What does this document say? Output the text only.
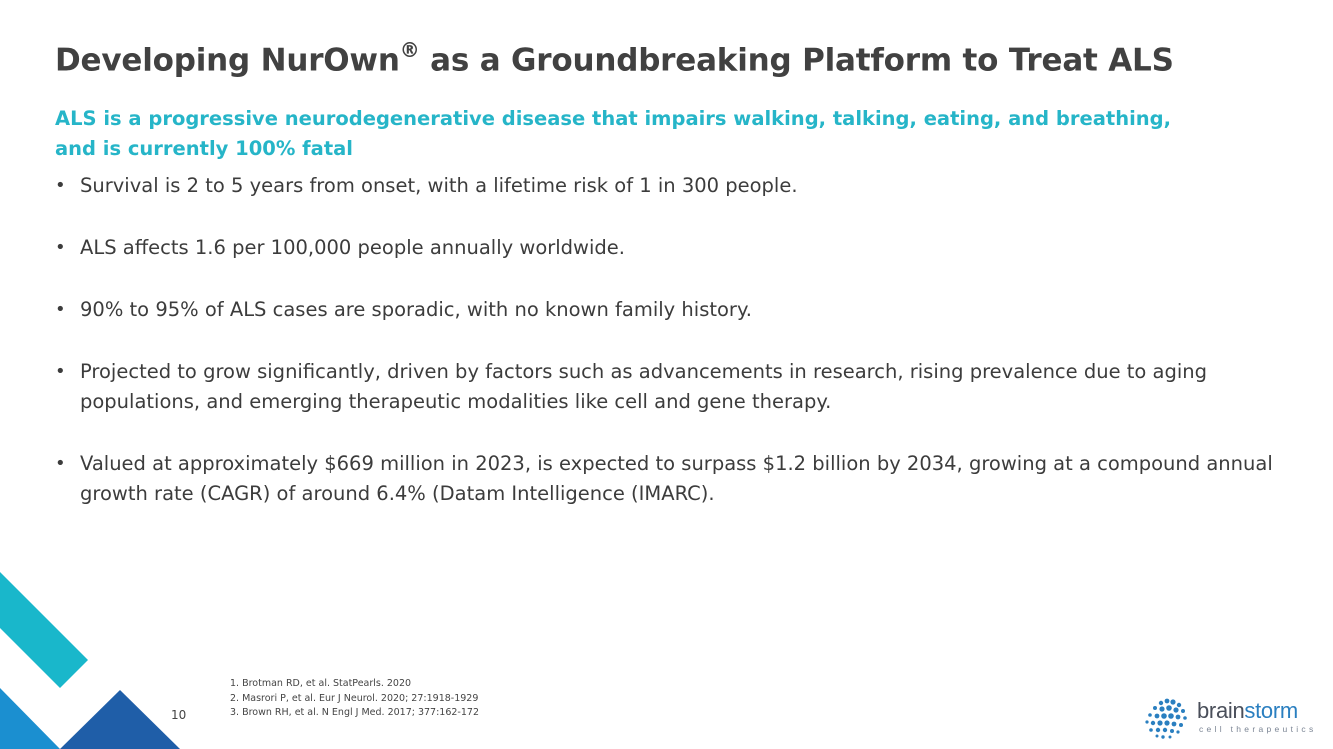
Developing NurOwn® as a Groundbreaking Platform to Treat ALS
ALS is a progressive neurodegenerative disease that impairs walking, talking, eating, and breathing, and is currently 100% fatal
• Survival is 2 to 5 years from onset, with a lifetime risk of 1 in 300 people.
• ALS affects 1.6 per 100,000 people annually worldwide.
• 90% to 95% of ALS cases are sporadic, with no known family history.
• Projected to grow significantly, driven by factors such as advancements in research, rising prevalence due to aging populations, and emerging therapeutic modalities like cell and gene therapy.
• Valued at approximately $669 million in 2023, is expected to surpass $1.2 billion by 2034, growing at a compound annual growth rate (CAGR) of around 6.4% (Datam Intelligence (IMARC).
10
1. Brotman RD, et al. StatPearls. 2020
2. Masrori P, et al. Eur J Neurol. 2020; 27:1918-1929
3. Brown RH, et al. N Engl J Med. 2017; 377:162-172	brainstorm
cell therapeutics
